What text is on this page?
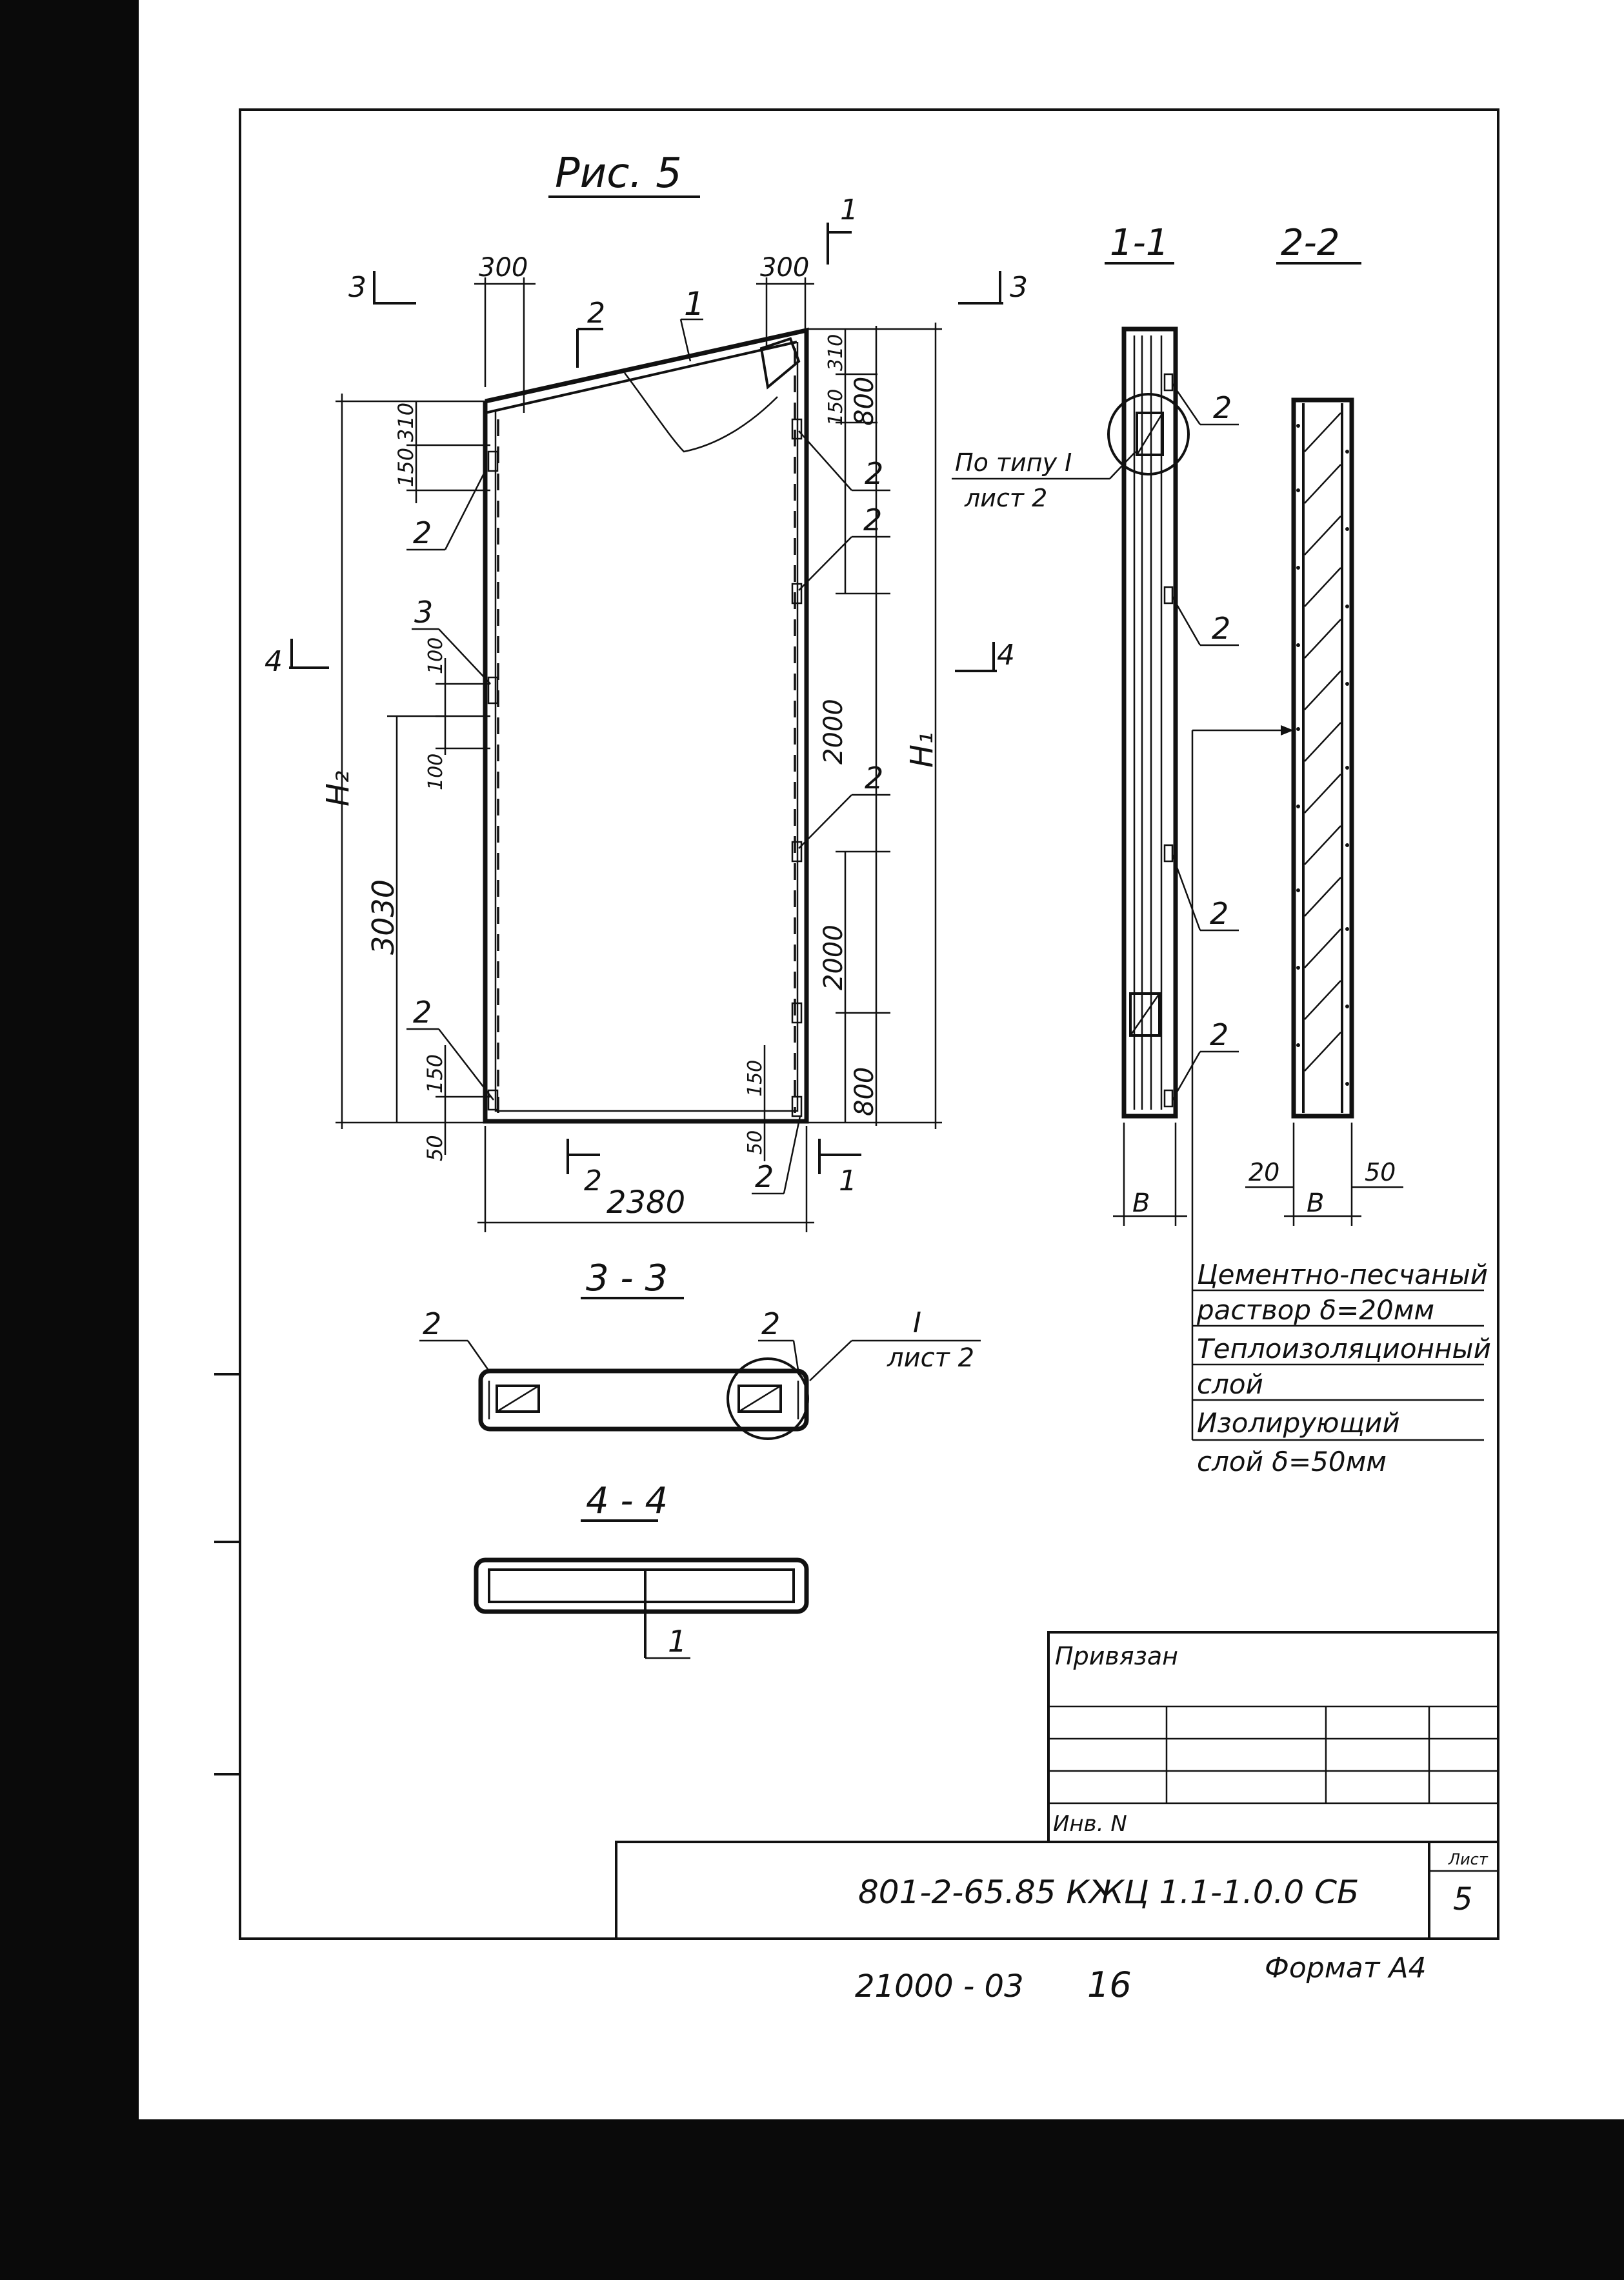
Рис. 5
300	300
H₂
310
150
100
100
3030
150
50
H₁
310
150 800
2000
2000
800
150
50
2380
1
2
3
2
2
2
2
2
3	3
2
1
4	4
2	1
1-1
2
2
2
2
По типу I
лист 2
B
2-2
B
20	50
Цементно-песчаный
раствор δ=20мм
Теплоизоляционный
слой
Изолирующий
слой δ=50мм
3 - 3
2	2	I
лист 2
4 - 4
1	Привязан
Инв. N
801-2-65.85 КЖЦ 1.1-1.0.0 СБ
Лист
5
21000 - 03 16	Формат А4
